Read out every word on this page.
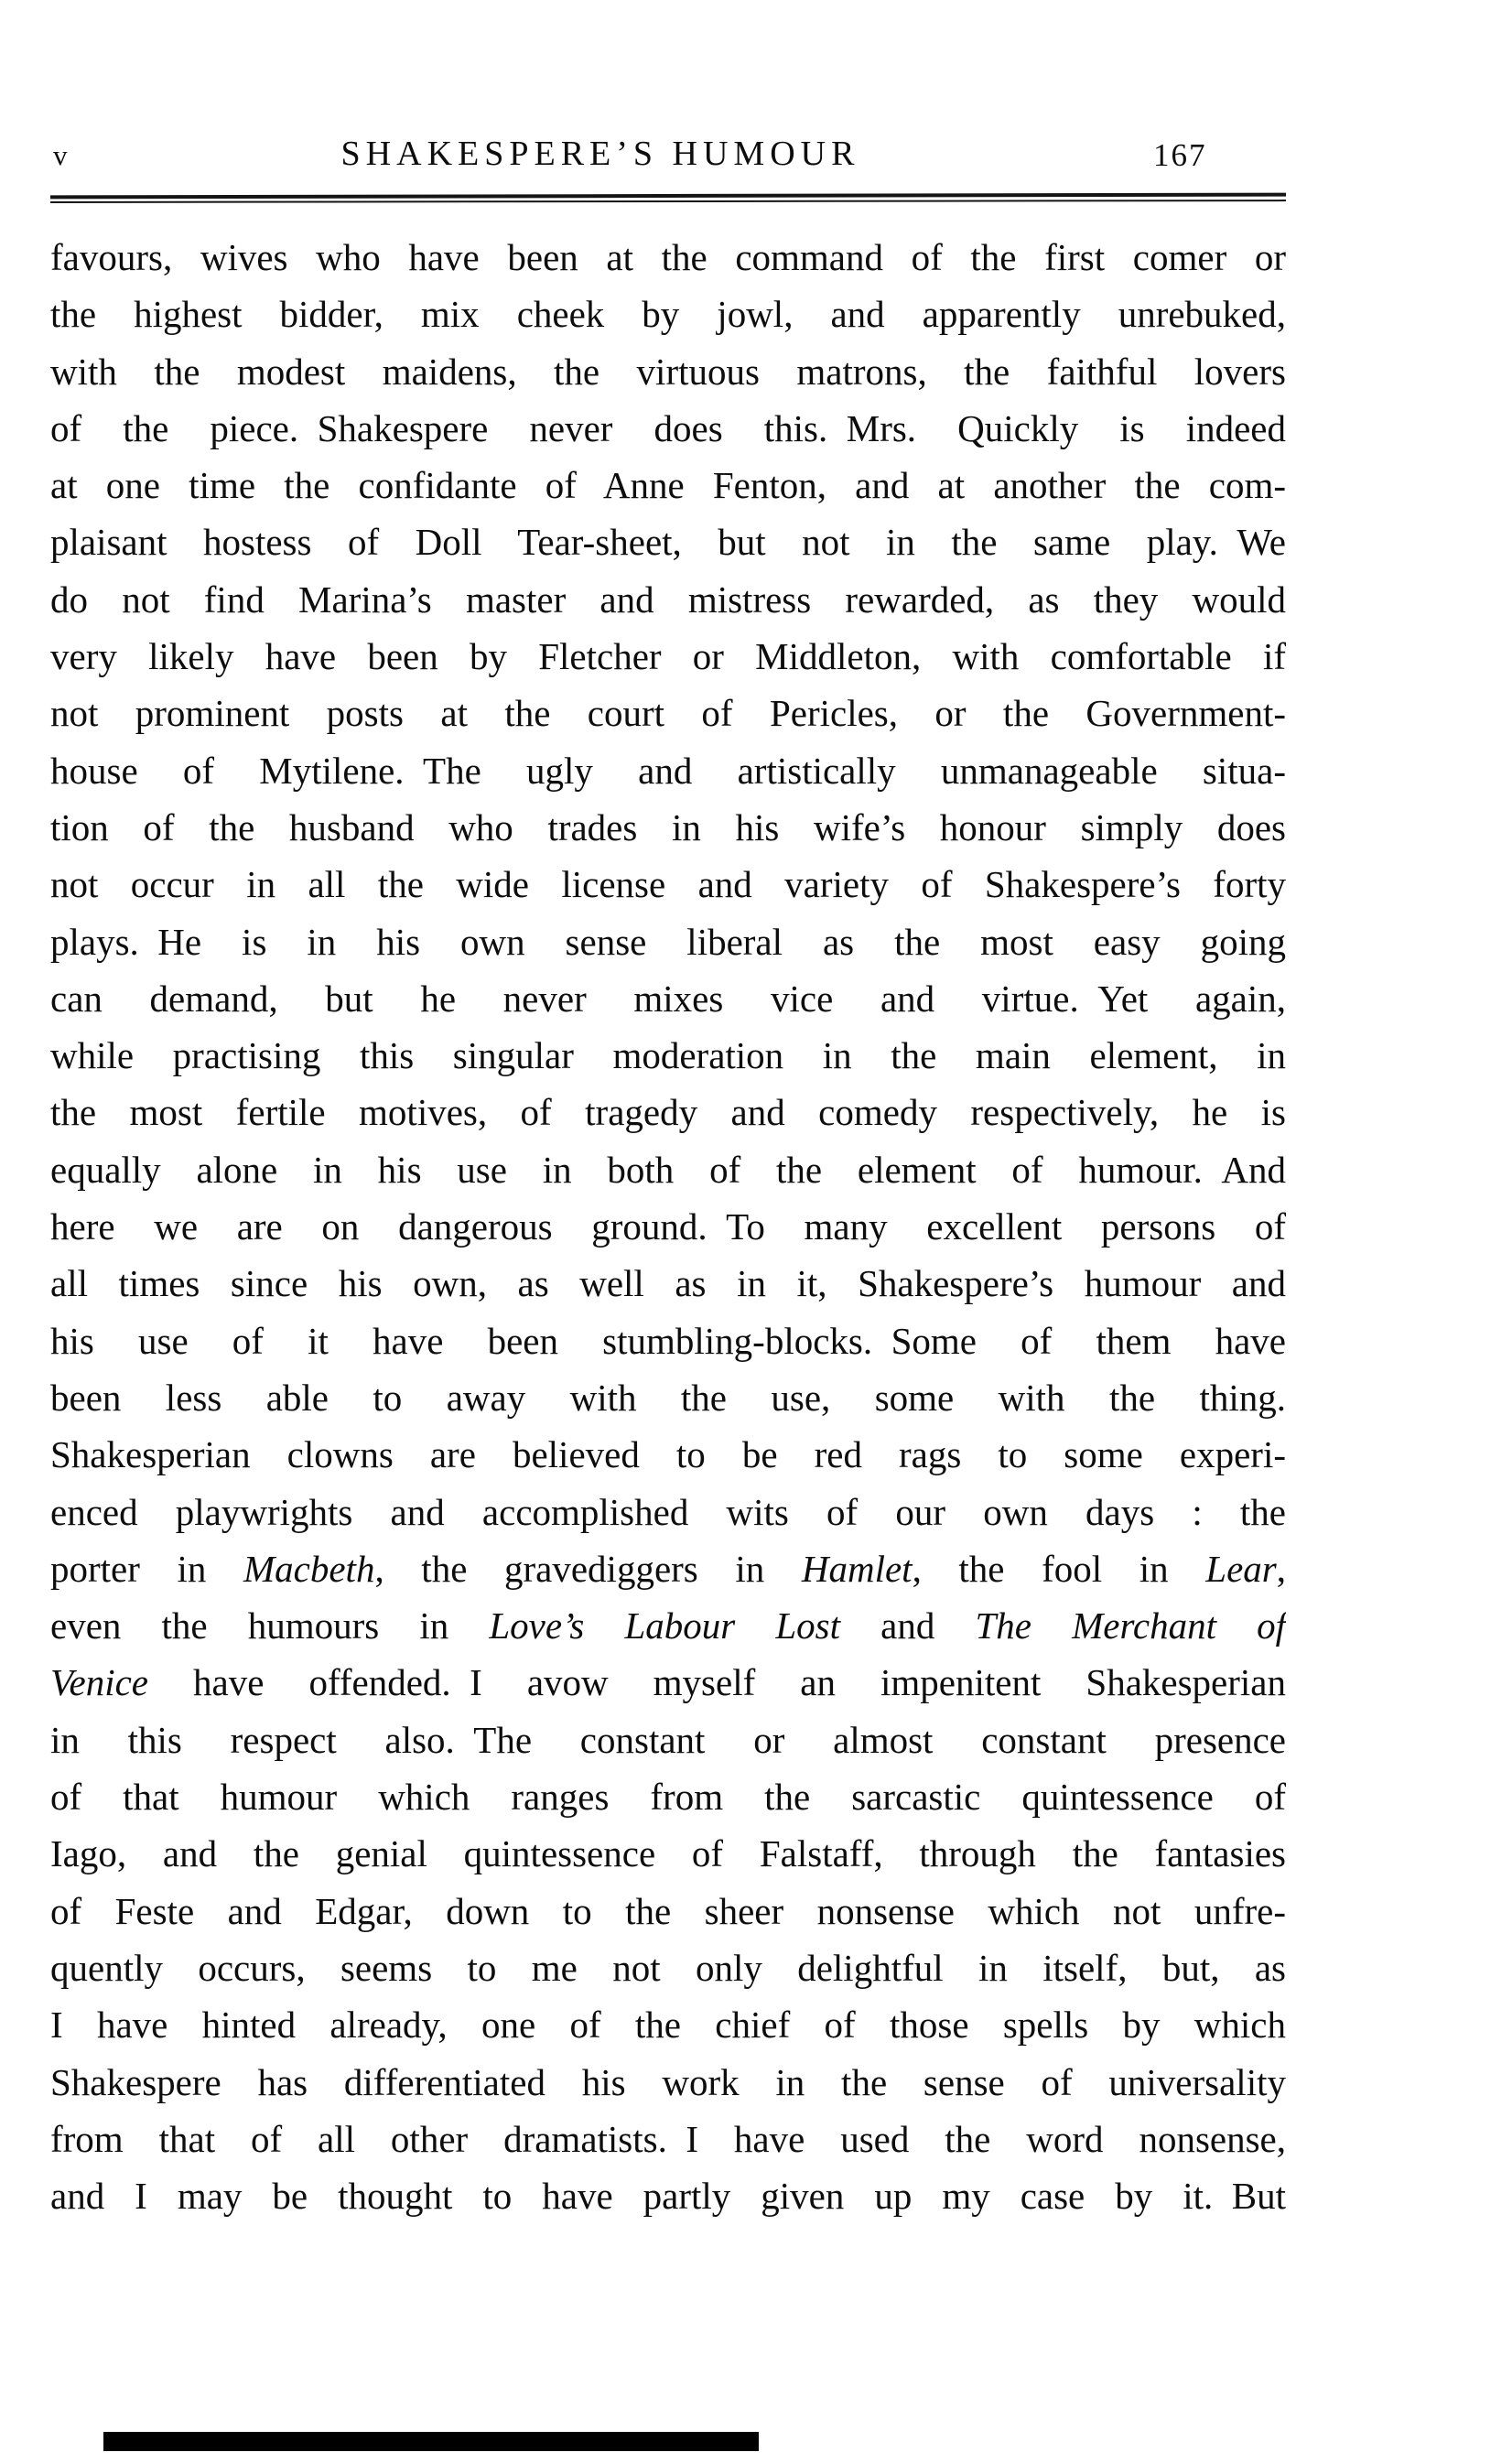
v	SHAKESPERE’S HUMOUR	167
favours, wives who have been at the command of the first comer or
the highest bidder, mix cheek by jowl, and apparently unrebuked,
with the modest maidens, the virtuous matrons, the faithful lovers
of the piece. Shakespere never does this. Mrs. Quickly is indeed
at one time the confidante of Anne Fenton, and at another the com-
plaisant hostess of Doll Tear-sheet, but not in the same play. We
do not find Marina’s master and mistress rewarded, as they would
very likely have been by Fletcher or Middleton, with comfortable if
not prominent posts at the court of Pericles, or the Government-
house of Mytilene. The ugly and artistically unmanageable situa-
tion of the husband who trades in his wife’s honour simply does
not occur in all the wide license and variety of Shakespere’s forty
plays. He is in his own sense liberal as the most easy going
can demand, but he never mixes vice and virtue. Yet again,
while practising this singular moderation in the main element, in
the most fertile motives, of tragedy and comedy respectively, he is
equally alone in his use in both of the element of humour. And
here we are on dangerous ground. To many excellent persons of
all times since his own, as well as in it, Shakespere’s humour and
his use of it have been stumbling-blocks. Some of them have
been less able to away with the use, some with the thing.
Shakesperian clowns are believed to be red rags to some experi-
enced playwrights and accomplished wits of our own days : the
porter in Macbeth, the gravediggers in Hamlet, the fool in Lear,
even the humours in Love’s Labour Lost and The Merchant of
Venice have offended. I avow myself an impenitent Shakesperian
in this respect also. The constant or almost constant presence
of that humour which ranges from the sarcastic quintessence of
Iago, and the genial quintessence of Falstaff, through the fantasies
of Feste and Edgar, down to the sheer nonsense which not unfre-
quently occurs, seems to me not only delightful in itself, but, as
I have hinted already, one of the chief of those spells by which
Shakespere has differentiated his work in the sense of universality
from that of all other dramatists. I have used the word nonsense,
and I may be thought to have partly given up my case by it. But
